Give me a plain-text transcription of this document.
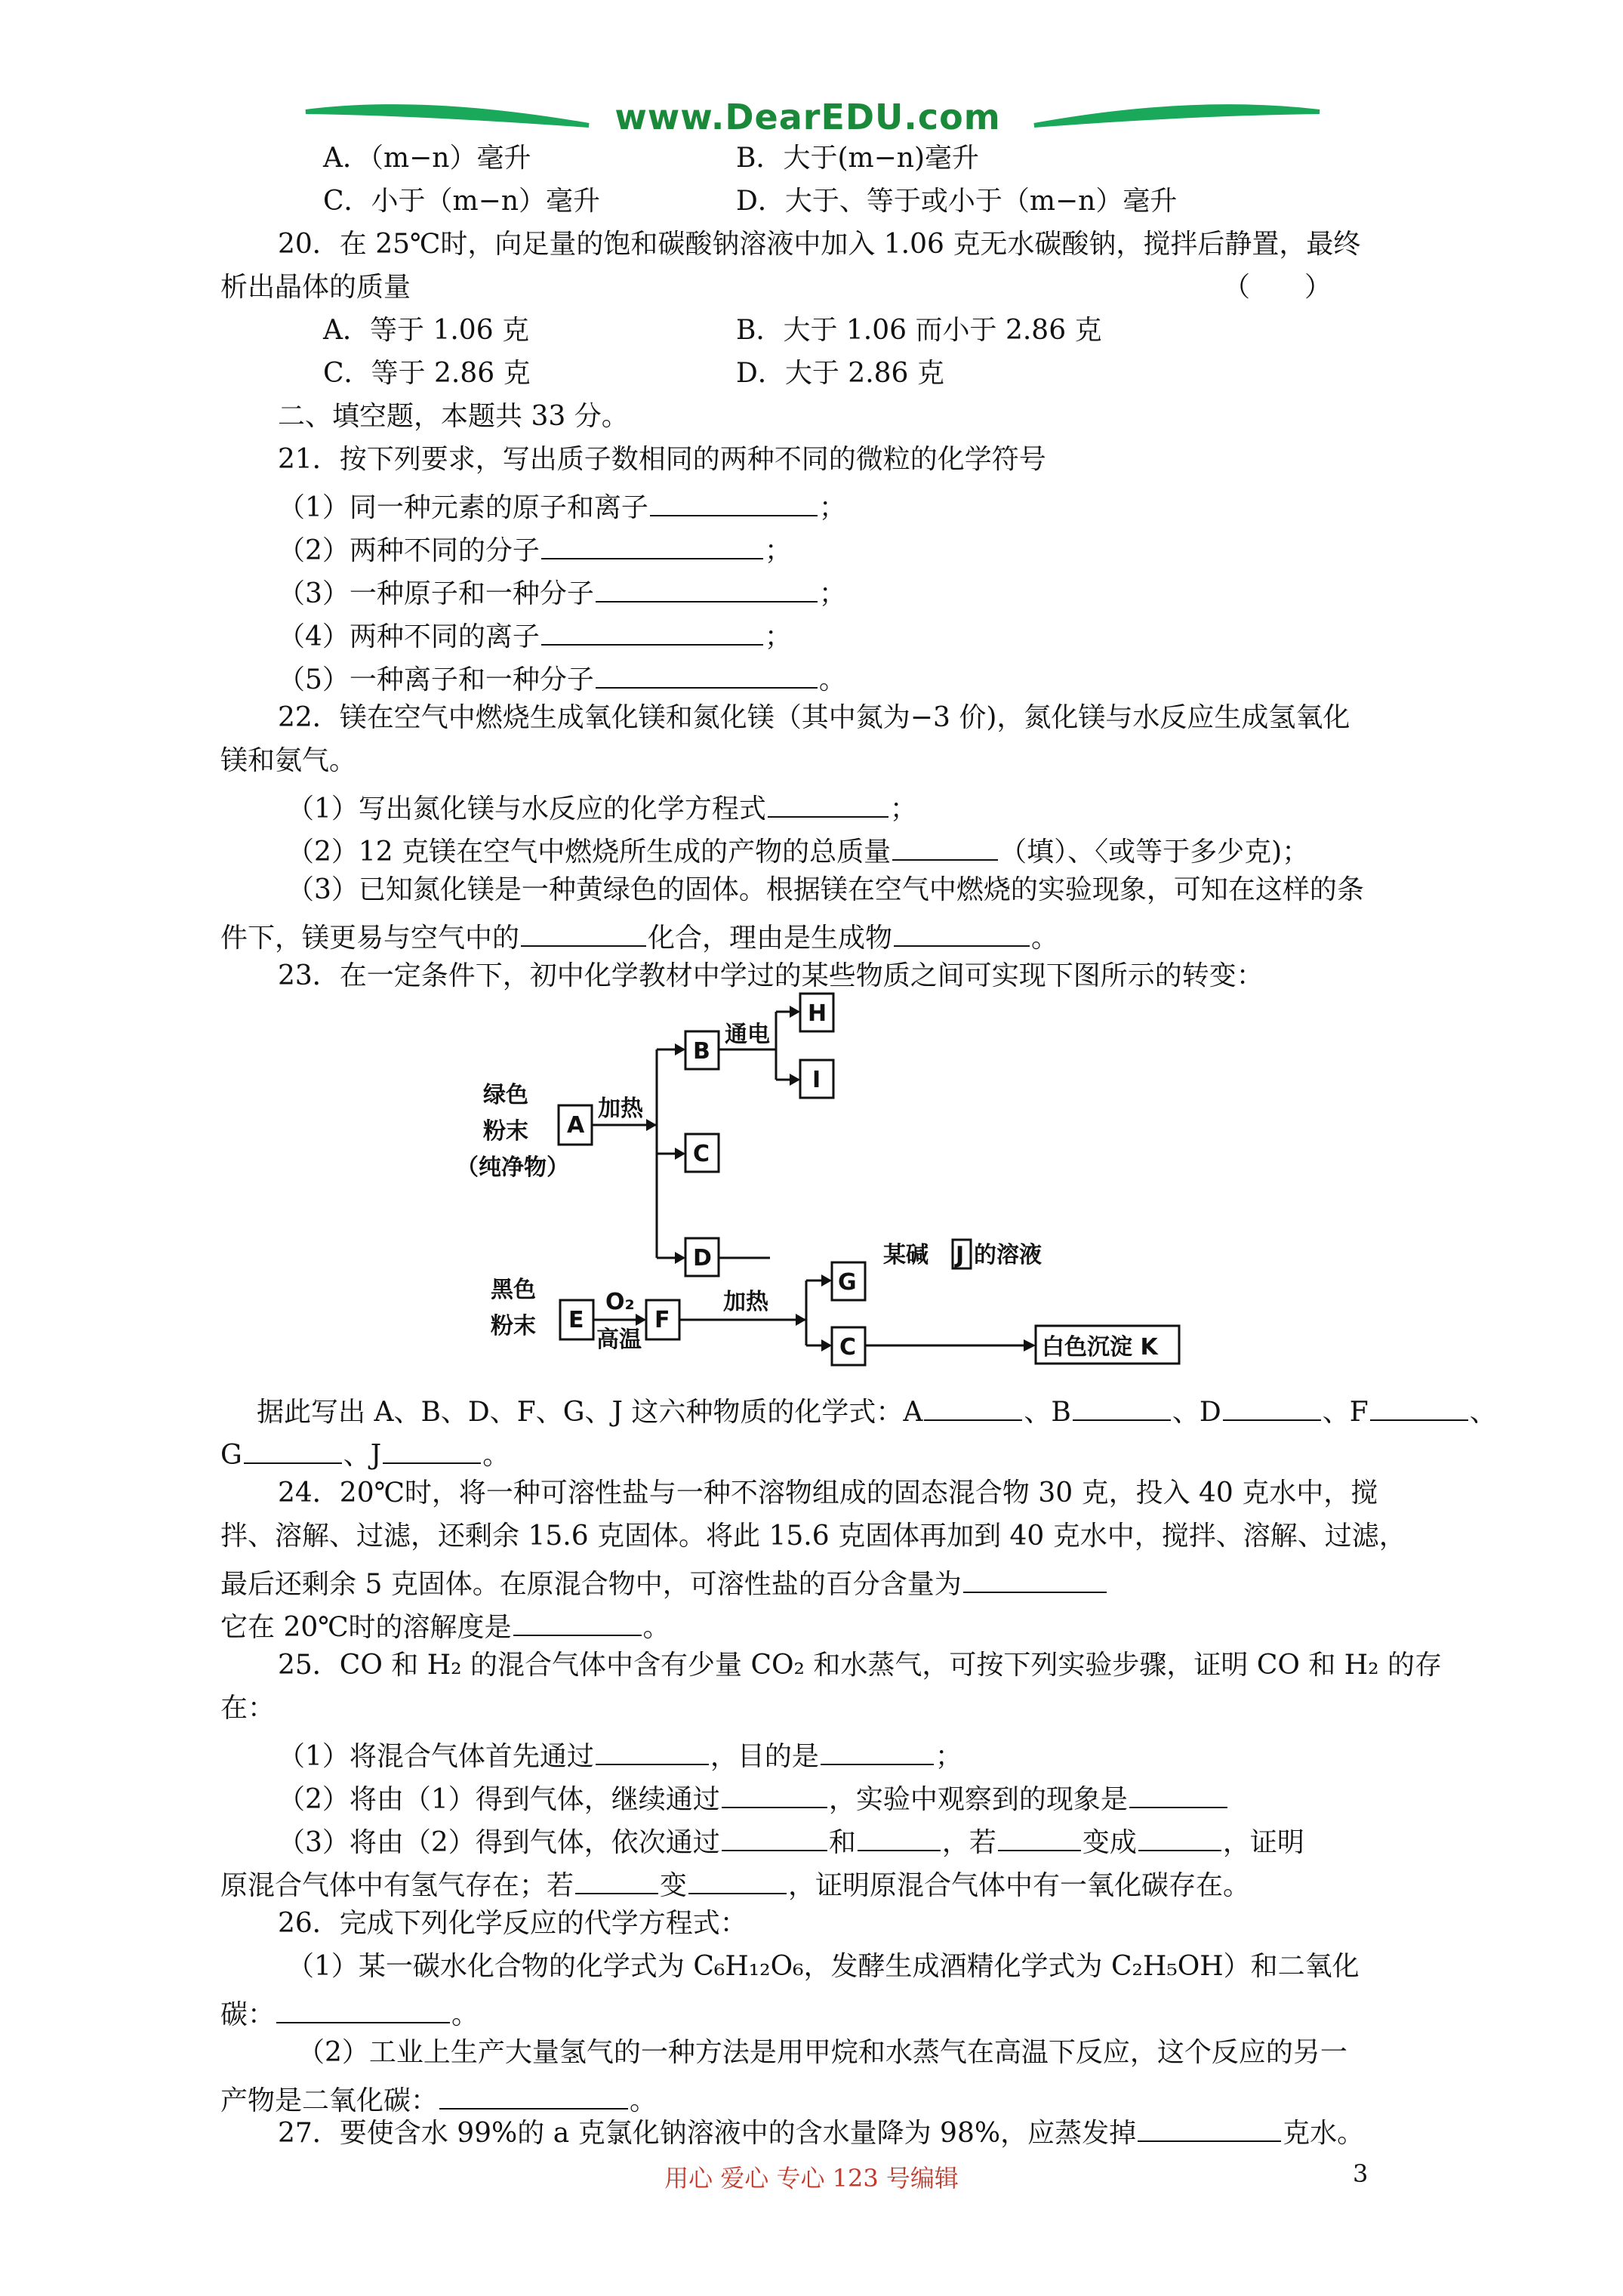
www.DearEDU.com
A．（m−n）毫升	B．大于(m−n)毫升
C．小于（m−n）毫升	D．大于、等于或小于（m−n）毫升
20．在 25℃时，向足量的饱和碳酸钠溶液中加入 1.06 克无水碳酸钠，搅拌后静置，最终
析出晶体的质量	（　　）
A．等于 1.06 克	B．大于 1.06 而小于 2.86 克
C．等于 2.86 克	D．大于 2.86 克
二、填空题，本题共 33 分。
21．按下列要求，写出质子数相同的两种不同的微粒的化学符号
（1）同一种元素的原子和离子	；
（2）两种不同的分子	；
（3）一种原子和一种分子	；
（4）两种不同的离子	；
（5）一种离子和一种分子	。
22．镁在空气中燃烧生成氧化镁和氮化镁（其中氮为−3 价)，氮化镁与水反应生成氢氧化
镁和氨气。
（1）写出氮化镁与水反应的化学方程式	；
（2）12 克镁在空气中燃烧所生成的产物的总质量	（填）、〈或等于多少克)；
（3）已知氮化镁是一种黄绿色的固体。根据镁在空气中燃烧的实验现象，可知在这样的条
件下，镁更易与空气中的	化合，理由是生成物	。
23．在一定条件下，初中化学教材中学过的某些物质之间可实现下图所示的转变：
绿色
粉末
（纯净物）
黑色
粉末
A
B
C
D
H
I
E	F
G
C	白色沉淀 K
加热
通电
O₂
高温
加热
某碱 J 的溶液
据此写出 A、B、D、F、G、J 这六种物质的化学式：A	、B	、D	、F	、
G	、J	。
24．20℃时，将一种可溶性盐与一种不溶物组成的固态混合物 30 克，投入 40 克水中，搅
拌、溶解、过滤，还剩余 15.6 克固体。将此 15.6 克固体再加到 40 克水中，搅拌、溶解、过滤，
最后还剩余 5 克固体。在原混合物中，可溶性盐的百分含量为
它在 20℃时的溶解度是	。
25．CO 和 H₂ 的混合气体中含有少量 CO₂ 和水蒸气，可按下列实验步骤，证明 CO 和 H₂ 的存
在：
（1）将混合气体首先通过	，目的是	；
（2）将由（1）得到气体，继续通过	，实验中观察到的现象是
（3）将由（2）得到气体，依次通过	和	，若	变成	，证明
原混合气体中有氢气存在；若	变	，证明原混合气体中有一氧化碳存在。
26．完成下列化学反应的代学方程式：
（1）某一碳水化合物的化学式为 C₆H₁₂O₆，发酵生成酒精化学式为 C₂H₅OH）和二氧化
碳：	。
（2）工业上生产大量氢气的一种方法是用甲烷和水蒸气在高温下反应，这个反应的另一
产物是二氧化碳：	。
27．要使含水 99%的 a 克氯化钠溶液中的含水量降为 98%，应蒸发掉	克水。
用心 爱心 专心 123 号编辑	3
